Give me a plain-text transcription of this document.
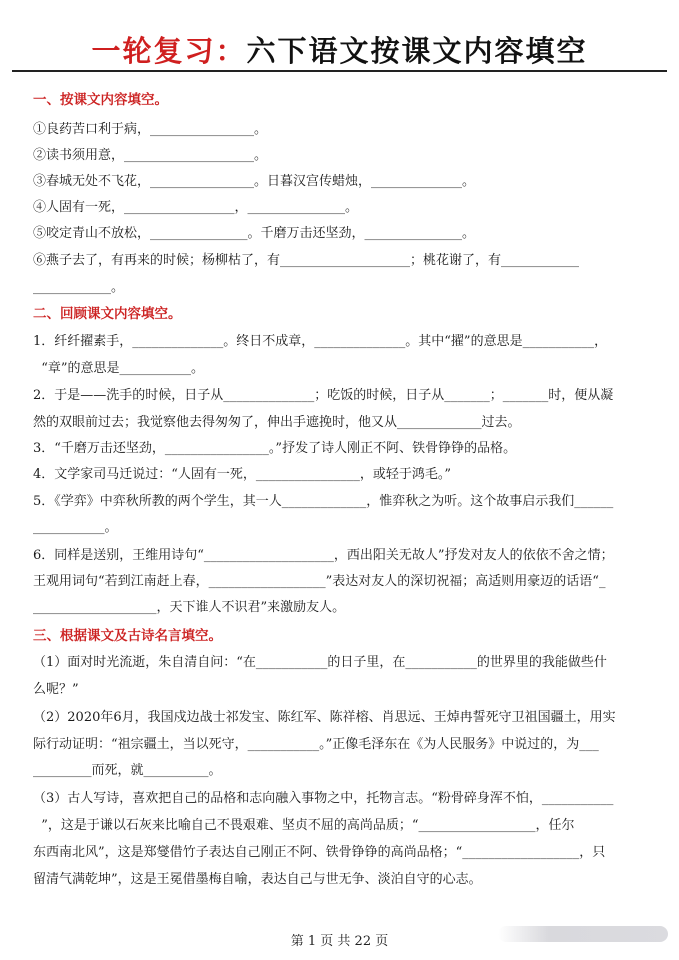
一轮复习：六下语文按课文内容填空
一、按课文内容填空。
①良药苦口利于病，________________。
②读书须用意，____________________。
③春城无处不飞花，________________。日暮汉宫传蜡烛，______________。
④人固有一死，_________________，_______________。
⑤咬定青山不放松，_______________。千磨万击还坚劲，_______________。
⑥燕子去了，有再来的时候；杨柳枯了，有____________________；桃花谢了，有____________
____________。
二、回顾课文内容填空。
1．纤纤擢素手，______________。终日不成章，______________。其中“擢”的意思是___________，
“章”的意思是___________。
2．于是——洗手的时候，日子从______________；吃饭的时候，日子从_______；_______时，便从凝
然的双眼前过去；我觉察他去得匆匆了，伸出手遮挽时，他又从_____________过去。
3．“千磨万击还坚劲，________________。”抒发了诗人刚正不阿、铁骨铮铮的品格。
4．文学家司马迁说过：“人固有一死，________________，或轻于鸿毛。”
5．《学弈》中弈秋所教的两个学生，其一人_____________，惟弈秋之为听。这个故事启示我们______
___________。
6．同样是送别，王维用诗句“____________________，西出阳关无故人”抒发对友人的依依不舍之情；
王观用词句“若到江南赶上春，__________________”表达对友人的深切祝福；高适则用豪迈的话语“_
___________________，天下谁人不识君”来激励友人。
三、根据课文及古诗名言填空。
（1）面对时光流逝，朱自清自问：“在___________的日子里，在___________的世界里的我能做些什
么呢？”
（2）2020年6月，我国戍边战士祁发宝、陈红军、陈祥榕、肖思远、王焯冉誓死守卫祖国疆土，用实
际行动证明：“祖宗疆土，当以死守，___________。”正像毛泽东在《为人民服务》中说过的，为___
_________而死，就__________。
（3）古人写诗，喜欢把自己的品格和志向融入事物之中，托物言志。“粉骨碎身浑不怕，___________
”，这是于谦以石灰来比喻自己不畏艰难、坚贞不屈的高尚品质；“__________________，任尔
东西南北风”，这是郑燮借竹子表达自己刚正不阿、铁骨铮铮的高尚品格；“__________________，只
留清气满乾坤”，这是王冕借墨梅自喻，表达自己与世无争、淡泊自守的心志。
第 1 页 共 22 页
